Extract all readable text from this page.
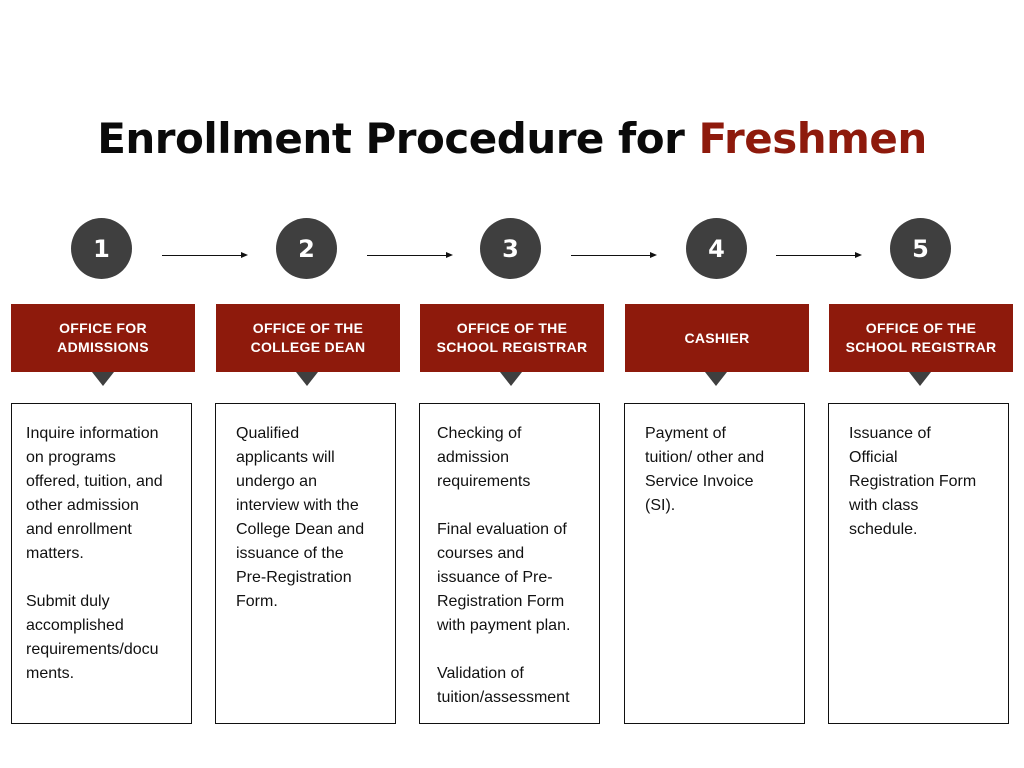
Enrollment Procedure for Freshmen
1
OFFICE FOR
ADMISSIONS

Inquire information
on programs
offered, tuition, and
other admission
and enrollment
matters.

Submit duly
accomplished
requirements/docu
ments.

2
OFFICE OF THE
COLLEGE DEAN

Qualified
applicants will
undergo an
interview with the
College Dean and
issuance of the
Pre-Registration
Form.

3
OFFICE OF THE
SCHOOL REGISTRAR

Checking of
admission
requirements

Final evaluation of
courses and
issuance of Pre-
Registration Form
with payment plan.

Validation of
tuition/assessment

4
CASHIER

Payment of
tuition/ other and
Service Invoice
(SI).

5
OFFICE OF THE
SCHOOL REGISTRAR

Issuance of
Official
Registration Form
with class
schedule.
